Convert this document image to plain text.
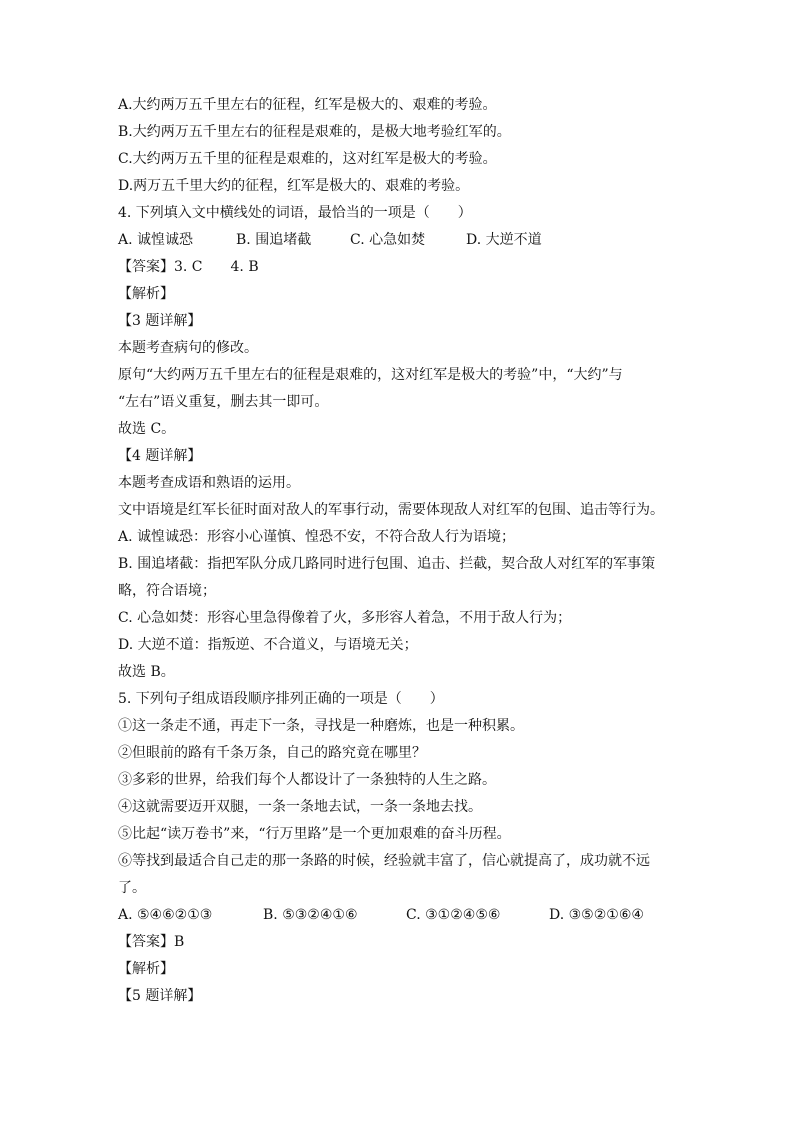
A.大约两万五千里左右的征程，红军是极大的、艰难的考验。
B.大约两万五千里左右的征程是艰难的，是极大地考验红军的。
C.大约两万五千里的征程是艰难的，这对红军是极大的考验。
D.两万五千里大约的征程，红军是极大的、艰难的考验。
4. 下列填入文中横线处的词语，最恰当的一项是（　　）
A. 诚惶诚恐	B. 围追堵截	C. 心急如焚	D. 大逆不道
【答案】3. C　　4. B
【解析】
【3 题详解】
本题考查病句的修改。
原句“大约两万五千里左右的征程是艰难的，这对红军是极大的考验”中，“大约”与
“左右”语义重复，删去其一即可。
故选 C。
【4 题详解】
本题考查成语和熟语的运用。
文中语境是红军长征时面对敌人的军事行动，需要体现敌人对红军的包围、追击等行为。
A. 诚惶诚恐：形容小心谨慎、惶恐不安，不符合敌人行为语境；
B. 围追堵截：指把军队分成几路同时进行包围、追击、拦截，契合敌人对红军的军事策
略，符合语境；
C. 心急如焚：形容心里急得像着了火，多形容人着急，不用于敌人行为；
D. 大逆不道：指叛逆、不合道义，与语境无关；
故选 B。
5. 下列句子组成语段顺序排列正确的一项是（　　）
①这一条走不通，再走下一条，寻找是一种磨炼，也是一种积累。
②但眼前的路有千条万条，自己的路究竟在哪里？
③多彩的世界，给我们每个人都设计了一条独特的人生之路。
④这就需要迈开双腿，一条一条地去试，一条一条地去找。
⑤比起“读万卷书”来，“行万里路”是一个更加艰难的奋斗历程。
⑥等找到最适合自己走的那一条路的时候，经验就丰富了，信心就提高了，成功就不远
了。
A. ⑤④⑥②①③	B. ⑤③②④①⑥	C. ③①②④⑤⑥	D. ③⑤②①⑥④
【答案】B
【解析】
【5 题详解】
